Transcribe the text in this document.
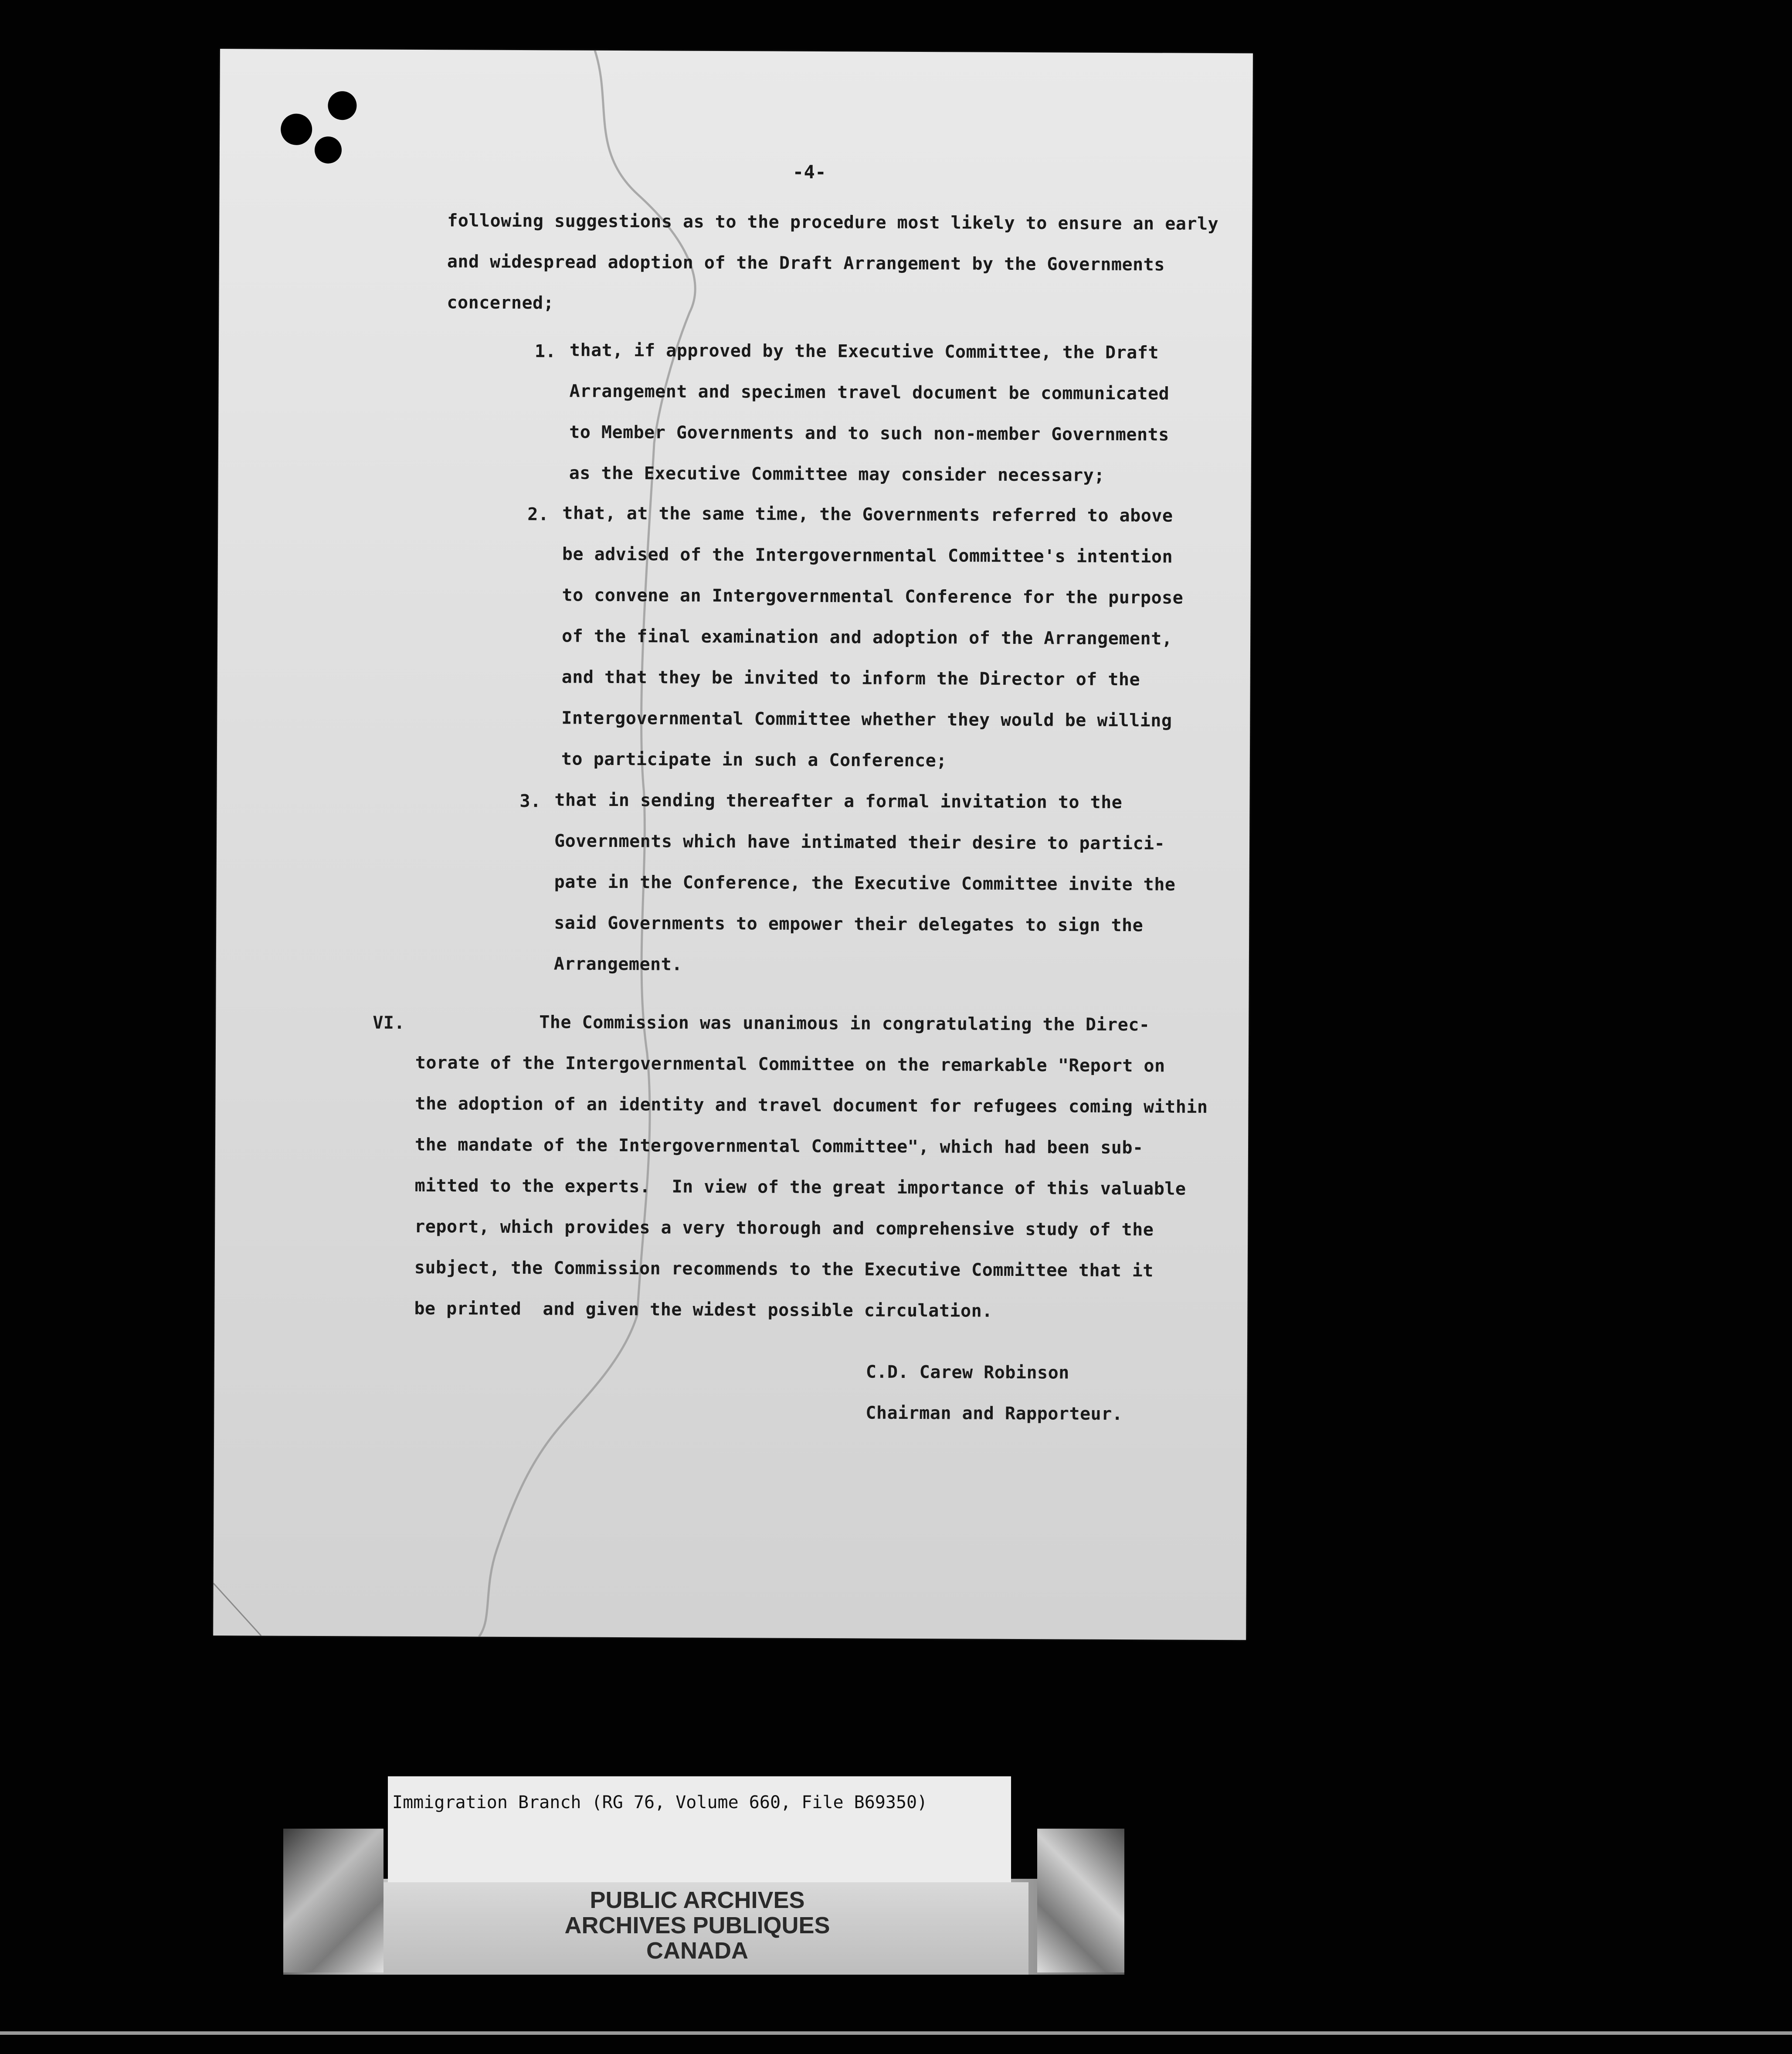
-4-
following suggestions as to the procedure most likely to ensure an early
and widespread adoption of the Draft Arrangement by the Governments
concerned;
1. that, if approved by the Executive Committee, the Draft
Arrangement and specimen travel document be communicated
to Member Governments and to such non-member Governments
as the Executive Committee may consider necessary;
2. that, at the same time, the Governments referred to above
be advised of the Intergovernmental Committee's intention
to convene an Intergovernmental Conference for the purpose
of the final examination and adoption of the Arrangement,
and that they be invited to inform the Director of the
Intergovernmental Committee whether they would be willing
to participate in such a Conference;
3. that in sending thereafter a formal invitation to the
Governments which have intimated their desire to partici-
pate in the Conference, the Executive Committee invite the
said Governments to empower their delegates to sign the
Arrangement.
VI.	The Commission was unanimous in congratulating the Direc-
torate of the Intergovernmental Committee on the remarkable "Report on
the adoption of an identity and travel document for refugees coming within
the mandate of the Intergovernmental Committee", which had been sub-
mitted to the experts.  In view of the great importance of this valuable
report, which provides a very thorough and comprehensive study of the
subject, the Commission recommends to the Executive Committee that it
be printed  and given the widest possible circulation.
C.D. Carew Robinson
Chairman and Rapporteur.
Immigration Branch (RG 76, Volume 660, File B69350)
PUBLIC ARCHIVES
ARCHIVES PUBLIQUES
CANADA
